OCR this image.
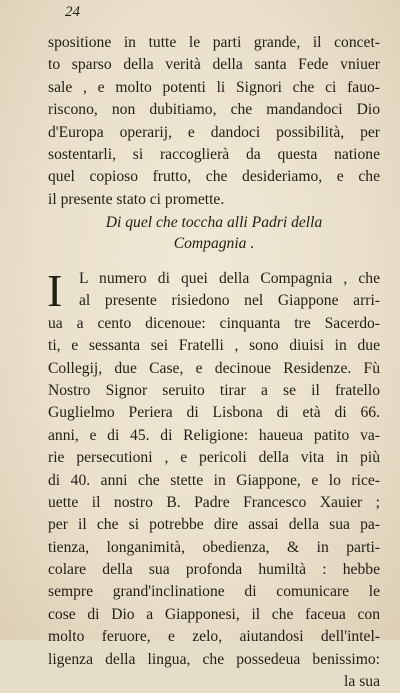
24
spositione in tutte le parti grande, il concet-
to sparso della verità della santa Fede vniuer
sale , e molto potenti li Signori che ci fauo-
riscono, non dubitiamo, che mandandoci Dio
d'Europa operarij, e dandoci possibilità, per
sostentarli, si raccoglierà da questa natione
quel copioso frutto, che desideriamo, e che
il presente stato ci promette.
Di quel che toccha alli Padri della
Compagnia .
I L numero di quei della Compagnia , che
al presente risiedono nel Giappone arri-
ua a cento dicenoue: cinquanta tre Sacerdo-
ti, e sessanta sei Fratelli , sono diuisi in due
Collegij, due Case, e decinoue Residenze. Fù
Nostro Signor seruito tirar a se il fratello
Guglielmo Periera di Lisbona di età di 66.
anni, e di 45. di Religione: haueua patito va-
rie persecutioni , e pericoli della vita in più
di 40. anni che stette in Giappone, e lo rice-
uette il nostro B. Padre Francesco Xauier ;
per il che si potrebbe dire assai della sua pa-
tienza, longanimità, obedienza, & in parti-
colare della sua profonda humiltà : hebbe
sempre grand'inclinatione di comunicare le
cose di Dio a Giapponesi, il che faceua con
molto feruore, e zelo, aiutandosi dell'intel-
ligenza della lingua, che possedeua benissimo:
la sua
